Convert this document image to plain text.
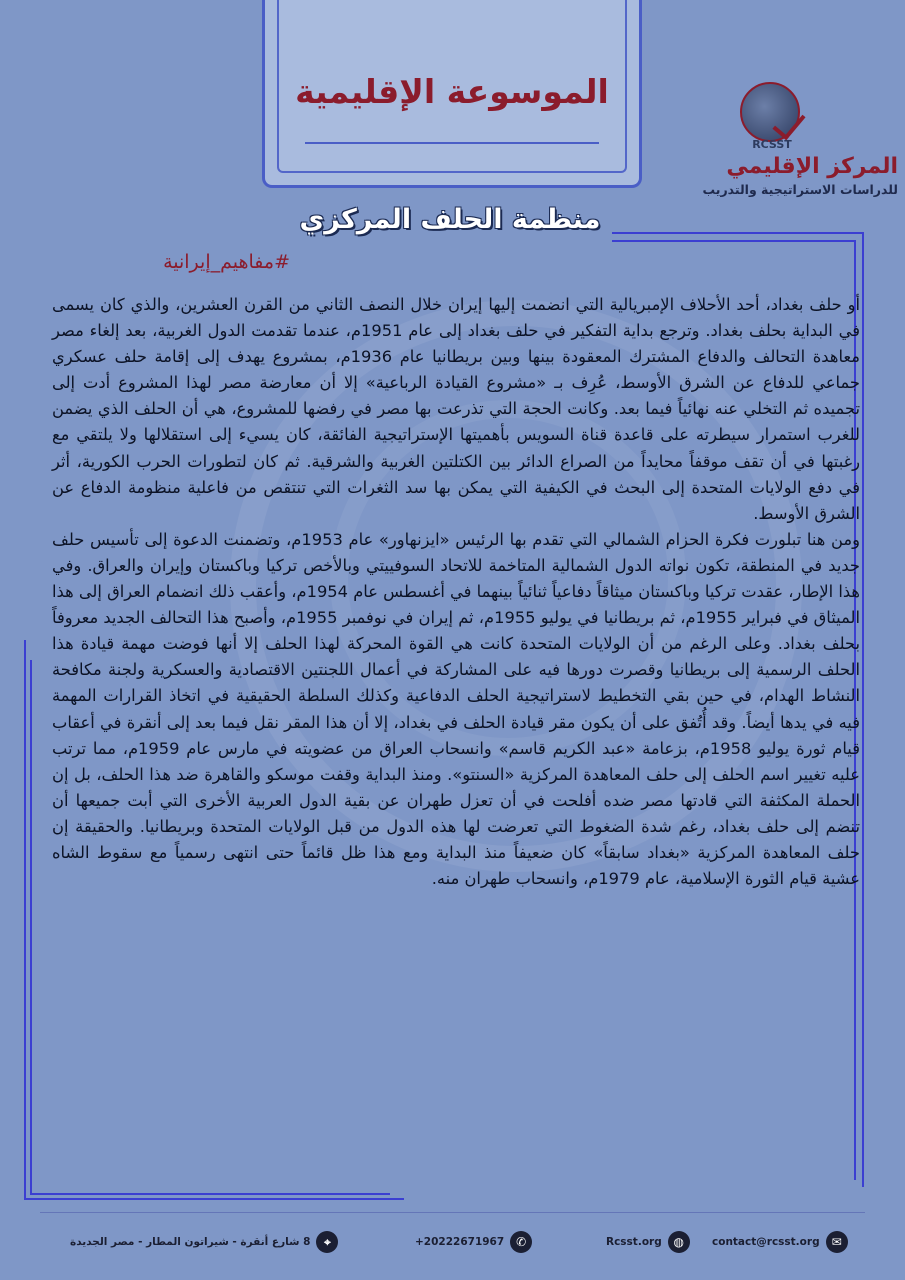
الموسوعة الإقليمية
RCSST
المركز الإقليمي
للدراسات الاستراتيجية والتدريب
منظمة الحلف المركزي
#مفاهيم_إيرانية

أو حلف بغداد، أحد الأحلاف الإمبريالية التي انضمت إليها إيران خلال النصف الثاني من القرن العشرين، والذي كان يسمى في البداية بحلف بغداد. وترجع بداية التفكير في حلف بغداد إلى عام 1951م، عندما تقدمت الدول الغربية، بعد إلغاء مصر معاهدة التحالف والدفاع المشترك المعقودة بينها وبين بريطانيا عام 1936م، بمشروع يهدف إلى إقامة حلف عسكري جماعي للدفاع عن الشرق الأوسط، عُرِف بـ «مشروع القيادة الرباعية» إلا أن معارضة مصر لهذا المشروع أدت إلى تجميده ثم التخلي عنه نهائياً فيما بعد. وكانت الحجة التي تذرعت بها مصر في رفضها للمشروع، هي أن الحلف الذي يضمن للغرب استمرار سيطرته على قاعدة قناة السويس بأهميتها الإستراتيجية الفائقة، كان يسيء إلى استقلالها ولا يلتقي مع رغبتها في أن تقف موقفاً محايداً من الصراع الدائر بين الكتلتين الغربية والشرقية. ثم كان لتطورات الحرب الكورية، أثر في دفع الولايات المتحدة إلى البحث في الكيفية التي يمكن بها سد الثغرات التي تنتقص من فاعلية منظومة الدفاع عن الشرق الأوسط.

ومن هنا تبلورت فكرة الحزام الشمالي التي تقدم بها الرئيس «ايزنهاور» عام 1953م، وتضمنت الدعوة إلى تأسيس حلف جديد في المنطقة، تكون نواته الدول الشمالية المتاخمة للاتحاد السوفييتي وبالأخص تركيا وباكستان وإيران والعراق. وفي هذا الإطار، عقدت تركيا وباكستان ميثاقاً دفاعياً ثنائياً بينهما في أغسطس عام 1954م، وأعقب ذلك انضمام العراق إلى هذا الميثاق في فبراير 1955م، ثم بريطانيا في يوليو 1955م، ثم إيران في نوفمبر 1955م، وأصبح هذا التحالف الجديد معروفاً بحلف بغداد. وعلى الرغم من أن الولايات المتحدة كانت هي القوة المحركة لهذا الحلف إلا أنها فوضت مهمة قيادة هذا الحلف الرسمية إلى بريطانيا وقصرت دورها فيه على المشاركة في أعمال اللجنتين الاقتصادية والعسكرية ولجنة مكافحة النشاط الهدام، في حين بقي التخطيط لاستراتيجية الحلف الدفاعية وكذلك السلطة الحقيقية في اتخاذ القرارات المهمة فيه في يدها أيضاً. وقد أُتُفق على أن يكون مقر قيادة الحلف في بغداد، إلا أن هذا المقر نقل فيما بعد إلى أنقرة في أعقاب قيام ثورة يوليو 1958م، بزعامة «عبد الكريم قاسم» وانسحاب العراق من عضويته في مارس عام 1959م، مما ترتب عليه تغيير اسم الحلف إلى حلف المعاهدة المركزية «السنتو». ومنذ البداية وقفت موسكو والقاهرة ضد هذا الحلف، بل إن الحملة المكثفة التي قادتها مصر ضده أفلحت في أن تعزل طهران عن بقية الدول العربية الأخرى التي أبت جميعها أن تنضم إلى حلف بغداد، رغم شدة الضغوط التي تعرضت لها هذه الدول من قبل الولايات المتحدة وبريطانيا. والحقيقة إن حلف المعاهدة المركزية «بغداد سابقاً» كان ضعيفاً منذ البداية ومع هذا ظل قائماً حتى انتهى رسمياً مع سقوط الشاه عشية قيام الثورة الإسلامية، عام 1979م، وانسحاب طهران منه.

contact@rcsst.org ✉
Rcsst.org ◍
+20222671967 ✆
⌖
8 شارع أنقرة - شيراتون المطار - مصر الجديدة
